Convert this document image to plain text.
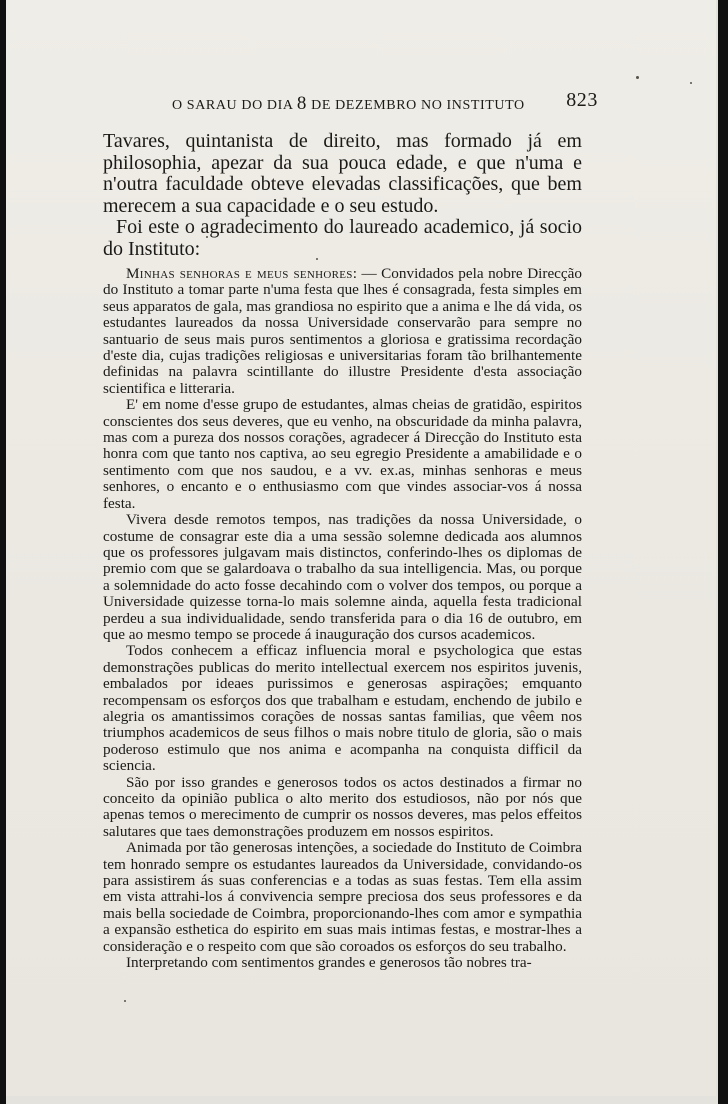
O SARAU DO DIA 8 DE DEZEMBRO NO INSTITUTO 823

Tavares, quintanista de direito, mas formado já em philosophia, apezar da sua pouca edade, e que n'uma e n'outra faculdade obteve elevadas classificações, que bem merecem a sua capacidade e o seu estudo.

Foi este o agradecimento do laureado academico, já socio do Instituto:

Minhas senhoras e meus senhores: — Convidados pela nobre Direcção do Instituto a tomar parte n'uma festa que lhes é consagrada, festa simples em seus apparatos de gala, mas grandiosa no espirito que a anima e lhe dá vida, os estudantes laureados da nossa Universidade conservarão para sempre no santuario de seus mais puros sentimentos a gloriosa e gratissima recordação d'este dia, cujas tradições religiosas e universitarias foram tão brilhantemente definidas na palavra scintillante do illustre Presidente d'esta associação scientifica e litteraria.

E' em nome d'esse grupo de estudantes, almas cheias de gratidão, espiritos conscientes dos seus deveres, que eu venho, na obscuridade da minha palavra, mas com a pureza dos nossos corações, agradecer á Direcção do Instituto esta honra com que tanto nos captiva, ao seu egregio Presidente a amabilidade e o sentimento com que nos saudou, e a vv. ex.as, minhas senhoras e meus senhores, o encanto e o enthusiasmo com que vindes associar-vos á nossa festa.

Vivera desde remotos tempos, nas tradições da nossa Universidade, o costume de consagrar este dia a uma sessão solemne dedicada aos alumnos que os professores julgavam mais distinctos, conferindo-lhes os diplomas de premio com que se galardoava o trabalho da sua intelligencia. Mas, ou porque a solemnidade do acto fosse decahindo com o volver dos tempos, ou porque a Universidade quizesse torna-lo mais solemne ainda, aquella festa tradicional perdeu a sua individualidade, sendo transferida para o dia 16 de outubro, em que ao mesmo tempo se procede á inauguração dos cursos academicos.

Todos conhecem a efficaz influencia moral e psychologica que estas demonstrações publicas do merito intellectual exercem nos espiritos juvenis, embalados por ideaes purissimos e generosas aspirações; emquanto recompensam os esforços dos que trabalham e estudam, enchendo de jubilo e alegria os amantissimos corações de nossas santas familias, que vêem nos triumphos academicos de seus filhos o mais nobre titulo de gloria, são o mais poderoso estimulo que nos anima e acompanha na conquista difficil da sciencia.

São por isso grandes e generosos todos os actos destinados a firmar no conceito da opinião publica o alto merito dos estudiosos, não por nós que apenas temos o merecimento de cumprir os nossos deveres, mas pelos effeitos salutares que taes demonstrações produzem em nossos espiritos.

Animada por tão generosas intenções, a sociedade do Instituto de Coimbra tem honrado sempre os estudantes laureados da Universidade, convidando-os para assistirem ás suas conferencias e a todas as suas festas. Tem ella assim em vista attrahi-los á convivencia sempre preciosa dos seus professores e da mais bella sociedade de Coimbra, proporcionando-lhes com amor e sympathia a expansão esthetica do espirito em suas mais intimas festas, e mostrar-lhes a consideração e o respeito com que são coroados os esforços do seu trabalho.

Interpretando com sentimentos grandes e generosos tão nobres tra-
